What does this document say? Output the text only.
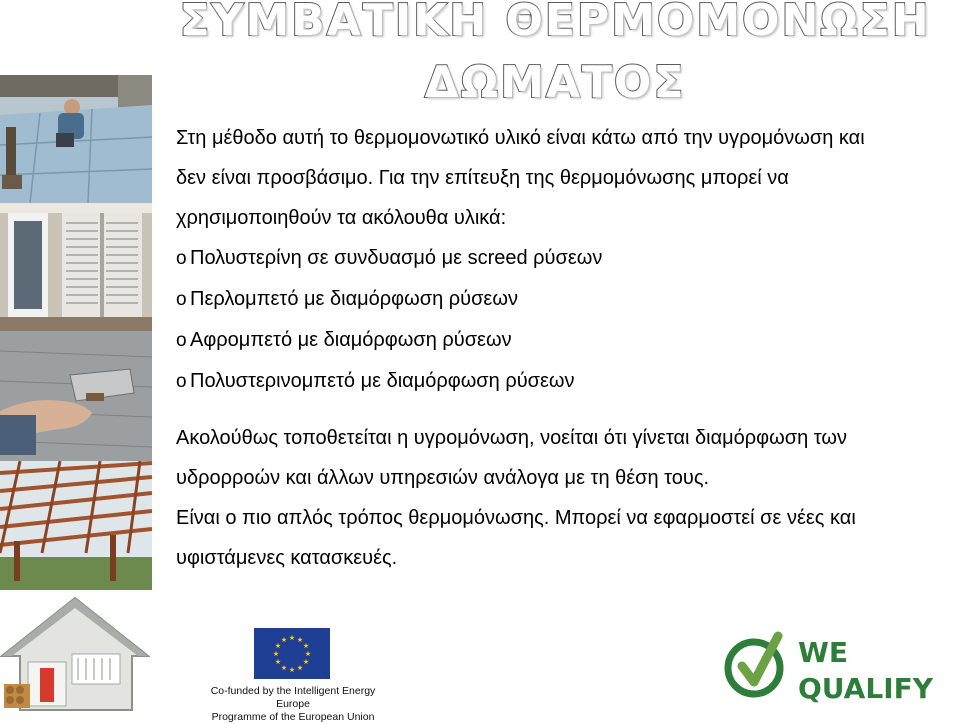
ΣΥΜΒΑΤΙΚΗ ΘΕΡΜΟΜΟΝΩΣΗ
ΔΩΜΑΤΟΣ
Στη μέθοδο αυτή το θερμομονωτικό υλικό είναι κάτω από την υγρομόνωση και
δεν είναι προσβάσιμο. Για την επίτευξη της θερμομόνωσης μπορεί να
χρησιμοποιηθούν τα ακόλουθα υλικά:
o Πολυστερίνη σε συνδυασμό με screed ρύσεων
o Περλομπετό με διαμόρφωση ρύσεων
o Αφρομπετό με διαμόρφωση ρύσεων
o Πολυστερινομπετό με διαμόρφωση ρύσεων
Ακολούθως τοποθετείται η υγρομόνωση, νοείται ότι γίνεται διαμόρφωση των
υδρορροών και άλλων υπηρεσιών ανάλογα με τη θέση τους.
Είναι ο πιο απλός τρόπος θερμομόνωσης. Μπορεί να εφαρμοστεί σε νέες και
υφιστάμενες κατασκευές.
★ ★
★
★
★
★
★
★
★
★
★
★
Co-funded by the Intelligent Energy Europe
Programme of the European Union
WE
QUALIFY
